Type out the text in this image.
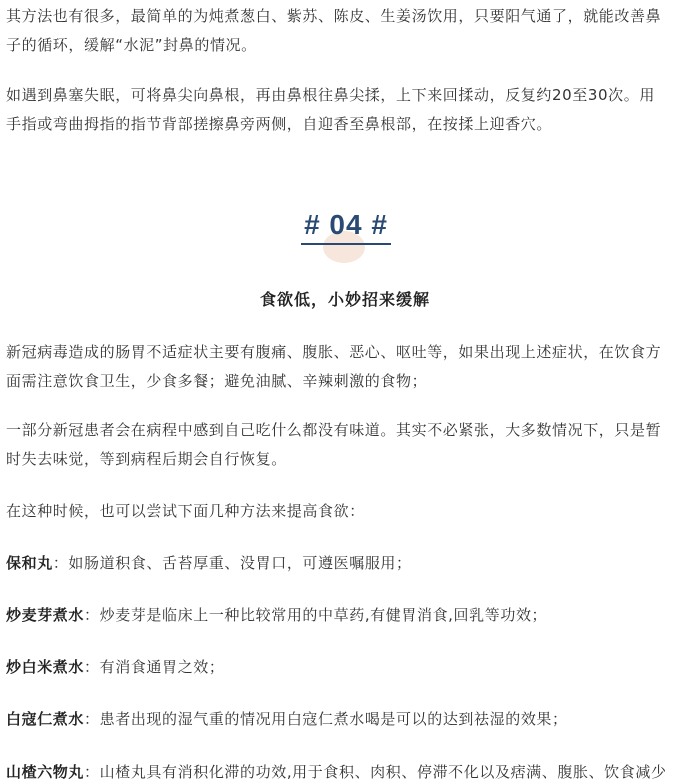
其方法也有很多，最简单的为炖煮葱白、紫苏、陈皮、生姜汤饮用，只要阳气通了，就能改善鼻
子的循环，缓解“水泥”封鼻的情况。
如遇到鼻塞失眠，可将鼻尖向鼻根，再由鼻根往鼻尖揉，上下来回揉动，反复约20至30次。用
手指或弯曲拇指的指节背部搓擦鼻旁两侧，自迎香至鼻根部，在按揉上迎香穴。
# 04 #
食欲低，小妙招来缓解
新冠病毒造成的肠胃不适症状主要有腹痛、腹胀、恶心、呕吐等，如果出现上述症状，在饮食方
面需注意饮食卫生，少食多餐；避免油腻、辛辣刺激的食物；
一部分新冠患者会在病程中感到自己吃什么都没有味道。其实不必紧张，大多数情况下，只是暂
时失去味觉，等到病程后期会自行恢复。
在这种时候，也可以尝试下面几种方法来提高食欲：
保和丸：如肠道积食、舌苔厚重、没胃口，可遵医嘱服用；
炒麦芽煮水：炒麦芽是临床上一种比较常用的中草药,有健胃消食,回乳等功效；
炒白米煮水：有消食通胃之效；
白寇仁煮水：患者出现的湿气重的情况用白寇仁煮水喝是可以的达到祛湿的效果；
山楂六物丸：山楂丸具有消积化滞的功效,用于食积、肉积、停滞不化以及痞满、腹胀、饮食减少
